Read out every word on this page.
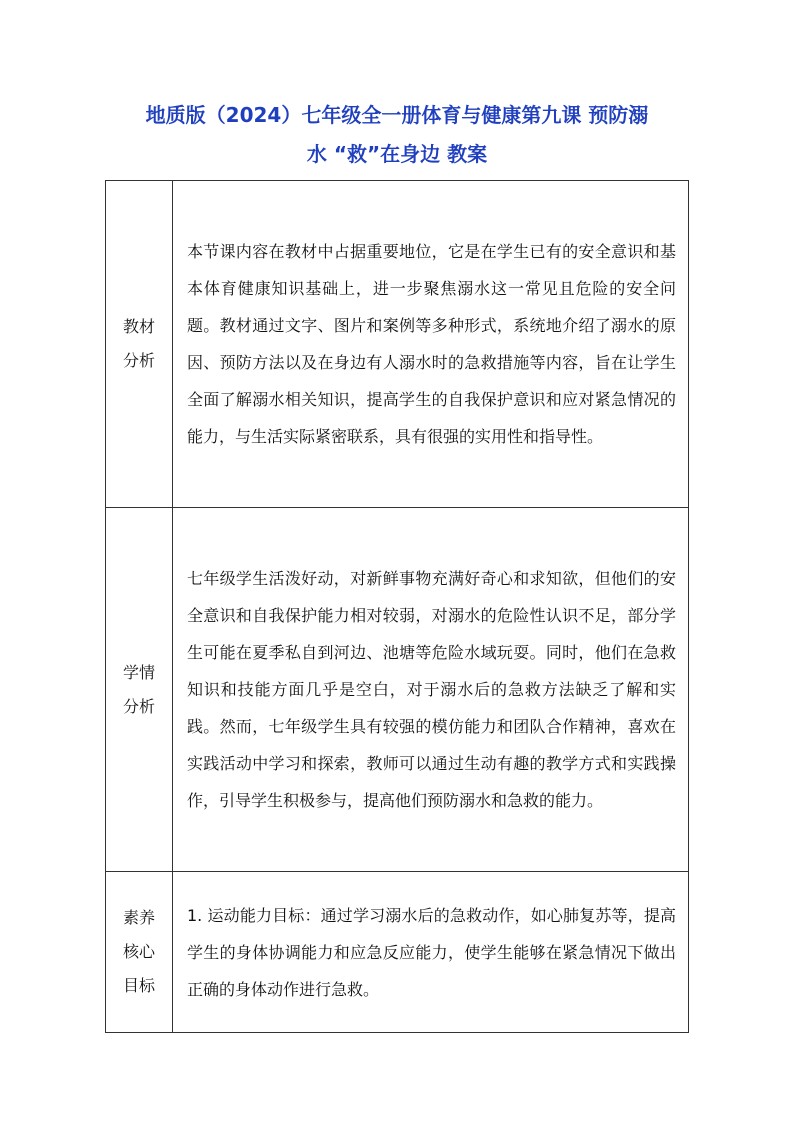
地质版（2024）七年级全一册体育与健康第九课 预防溺
水 “救”在身边 教案
教材
分析	本节课内容在教材中占据重要地位，它是在学生已有的安全意识和基本体育健康知识基础上，进一步聚焦溺水这一常见且危险的安全问题。教材通过文字、图片和案例等多种形式，系统地介绍了溺水的原因、预防方法以及在身边有人溺水时的急救措施等内容，旨在让学生全面了解溺水相关知识，提高学生的自我保护意识和应对紧急情况的能力，与生活实际紧密联系，具有很强的实用性和指导性。

学情
分析	七年级学生活泼好动，对新鲜事物充满好奇心和求知欲，但他们的安全意识和自我保护能力相对较弱，对溺水的危险性认识不足，部分学生可能在夏季私自到河边、池塘等危险水域玩耍。同时，他们在急救知识和技能方面几乎是空白，对于溺水后的急救方法缺乏了解和实践。然而，七年级学生具有较强的模仿能力和团队合作精神，喜欢在实践活动中学习和探索，教师可以通过生动有趣的教学方式和实践操作，引导学生积极参与，提高他们预防溺水和急救的能力。

素养
核心
目标	1. 运动能力目标：通过学习溺水后的急救动作，如心肺复苏等，提高学生的身体协调能力和应急反应能力，使学生能够在紧急情况下做出正确的身体动作进行急救。
